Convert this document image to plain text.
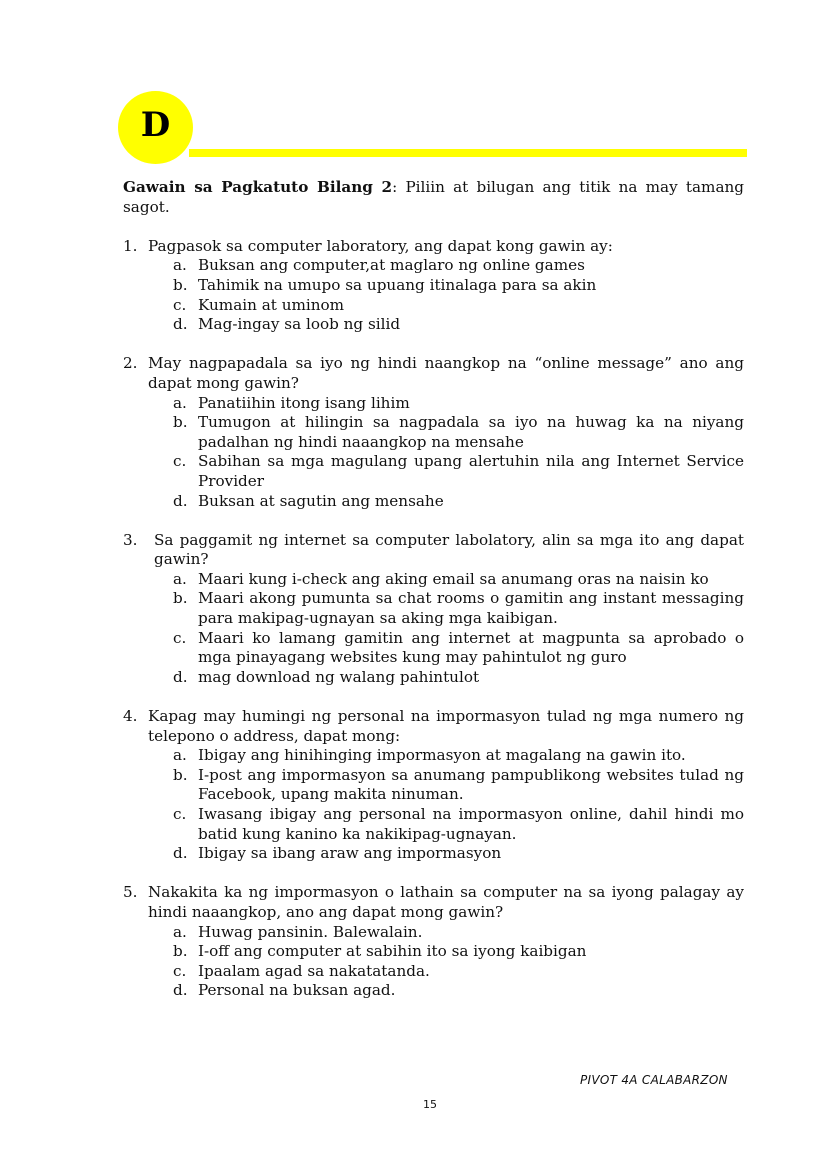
D

Gawain sa Pagkatuto Bilang 2: Piliin at bilugan ang titik na may tamang sagot.

1. Pagpasok sa computer laboratory, ang dapat kong gawin ay:
a. Buksan ang computer,at maglaro ng online games
b. Tahimik na umupo sa upuang itinalaga para sa akin
c. Kumain at uminom
d. Mag-ingay sa loob ng silid
2. May nagpapadala sa iyo ng hindi naangkop na “online message” ano ang dapat mong gawin?
a. Panatiihin itong isang lihim
b. Tumugon at hilingin sa nagpadala sa iyo na huwag ka na niyang padalhan ng hindi naaangkop na mensahe
c. Sabihan sa mga magulang upang alertuhin nila ang Internet Service Provider
d. Buksan at sagutin ang mensahe
3.	Sa paggamit ng internet sa computer labolatory, alin sa mga ito ang dapat gawin?
a. Maari kung i-check ang aking email sa anumang oras na naisin ko
b. Maari akong pumunta sa chat rooms o gamitin ang instant messaging para makipag-ugnayan sa aking mga kaibigan.
c. Maari ko lamang gamitin ang internet at magpunta sa aprobado o mga pinayagang websites kung may pahintulot ng guro
d. mag download ng walang pahintulot
4. Kapag may humingi ng personal na impormasyon tulad ng mga numero ng telepono o address, dapat mong:
a. Ibigay ang hinihinging impormasyon at magalang na gawin ito.
b. I-post ang impormasyon sa anumang pampublikong websites tulad ng Facebook, upang makita ninuman.
c. Iwasang ibigay ang personal na impormasyon online, dahil hindi mo batid kung kanino ka nakikipag-ugnayan.
d. Ibigay sa ibang araw ang impormasyon
5. Nakakita ka ng impormasyon o lathain sa computer na sa iyong palagay ay hindi naaangkop, ano ang dapat mong gawin?
a. Huwag pansinin. Balewalain.
b. I-off ang computer at sabihin ito sa iyong kaibigan
c. Ipaalam agad sa nakatatanda.
d. Personal na buksan agad.
PIVOT 4A CALABARZON
15
